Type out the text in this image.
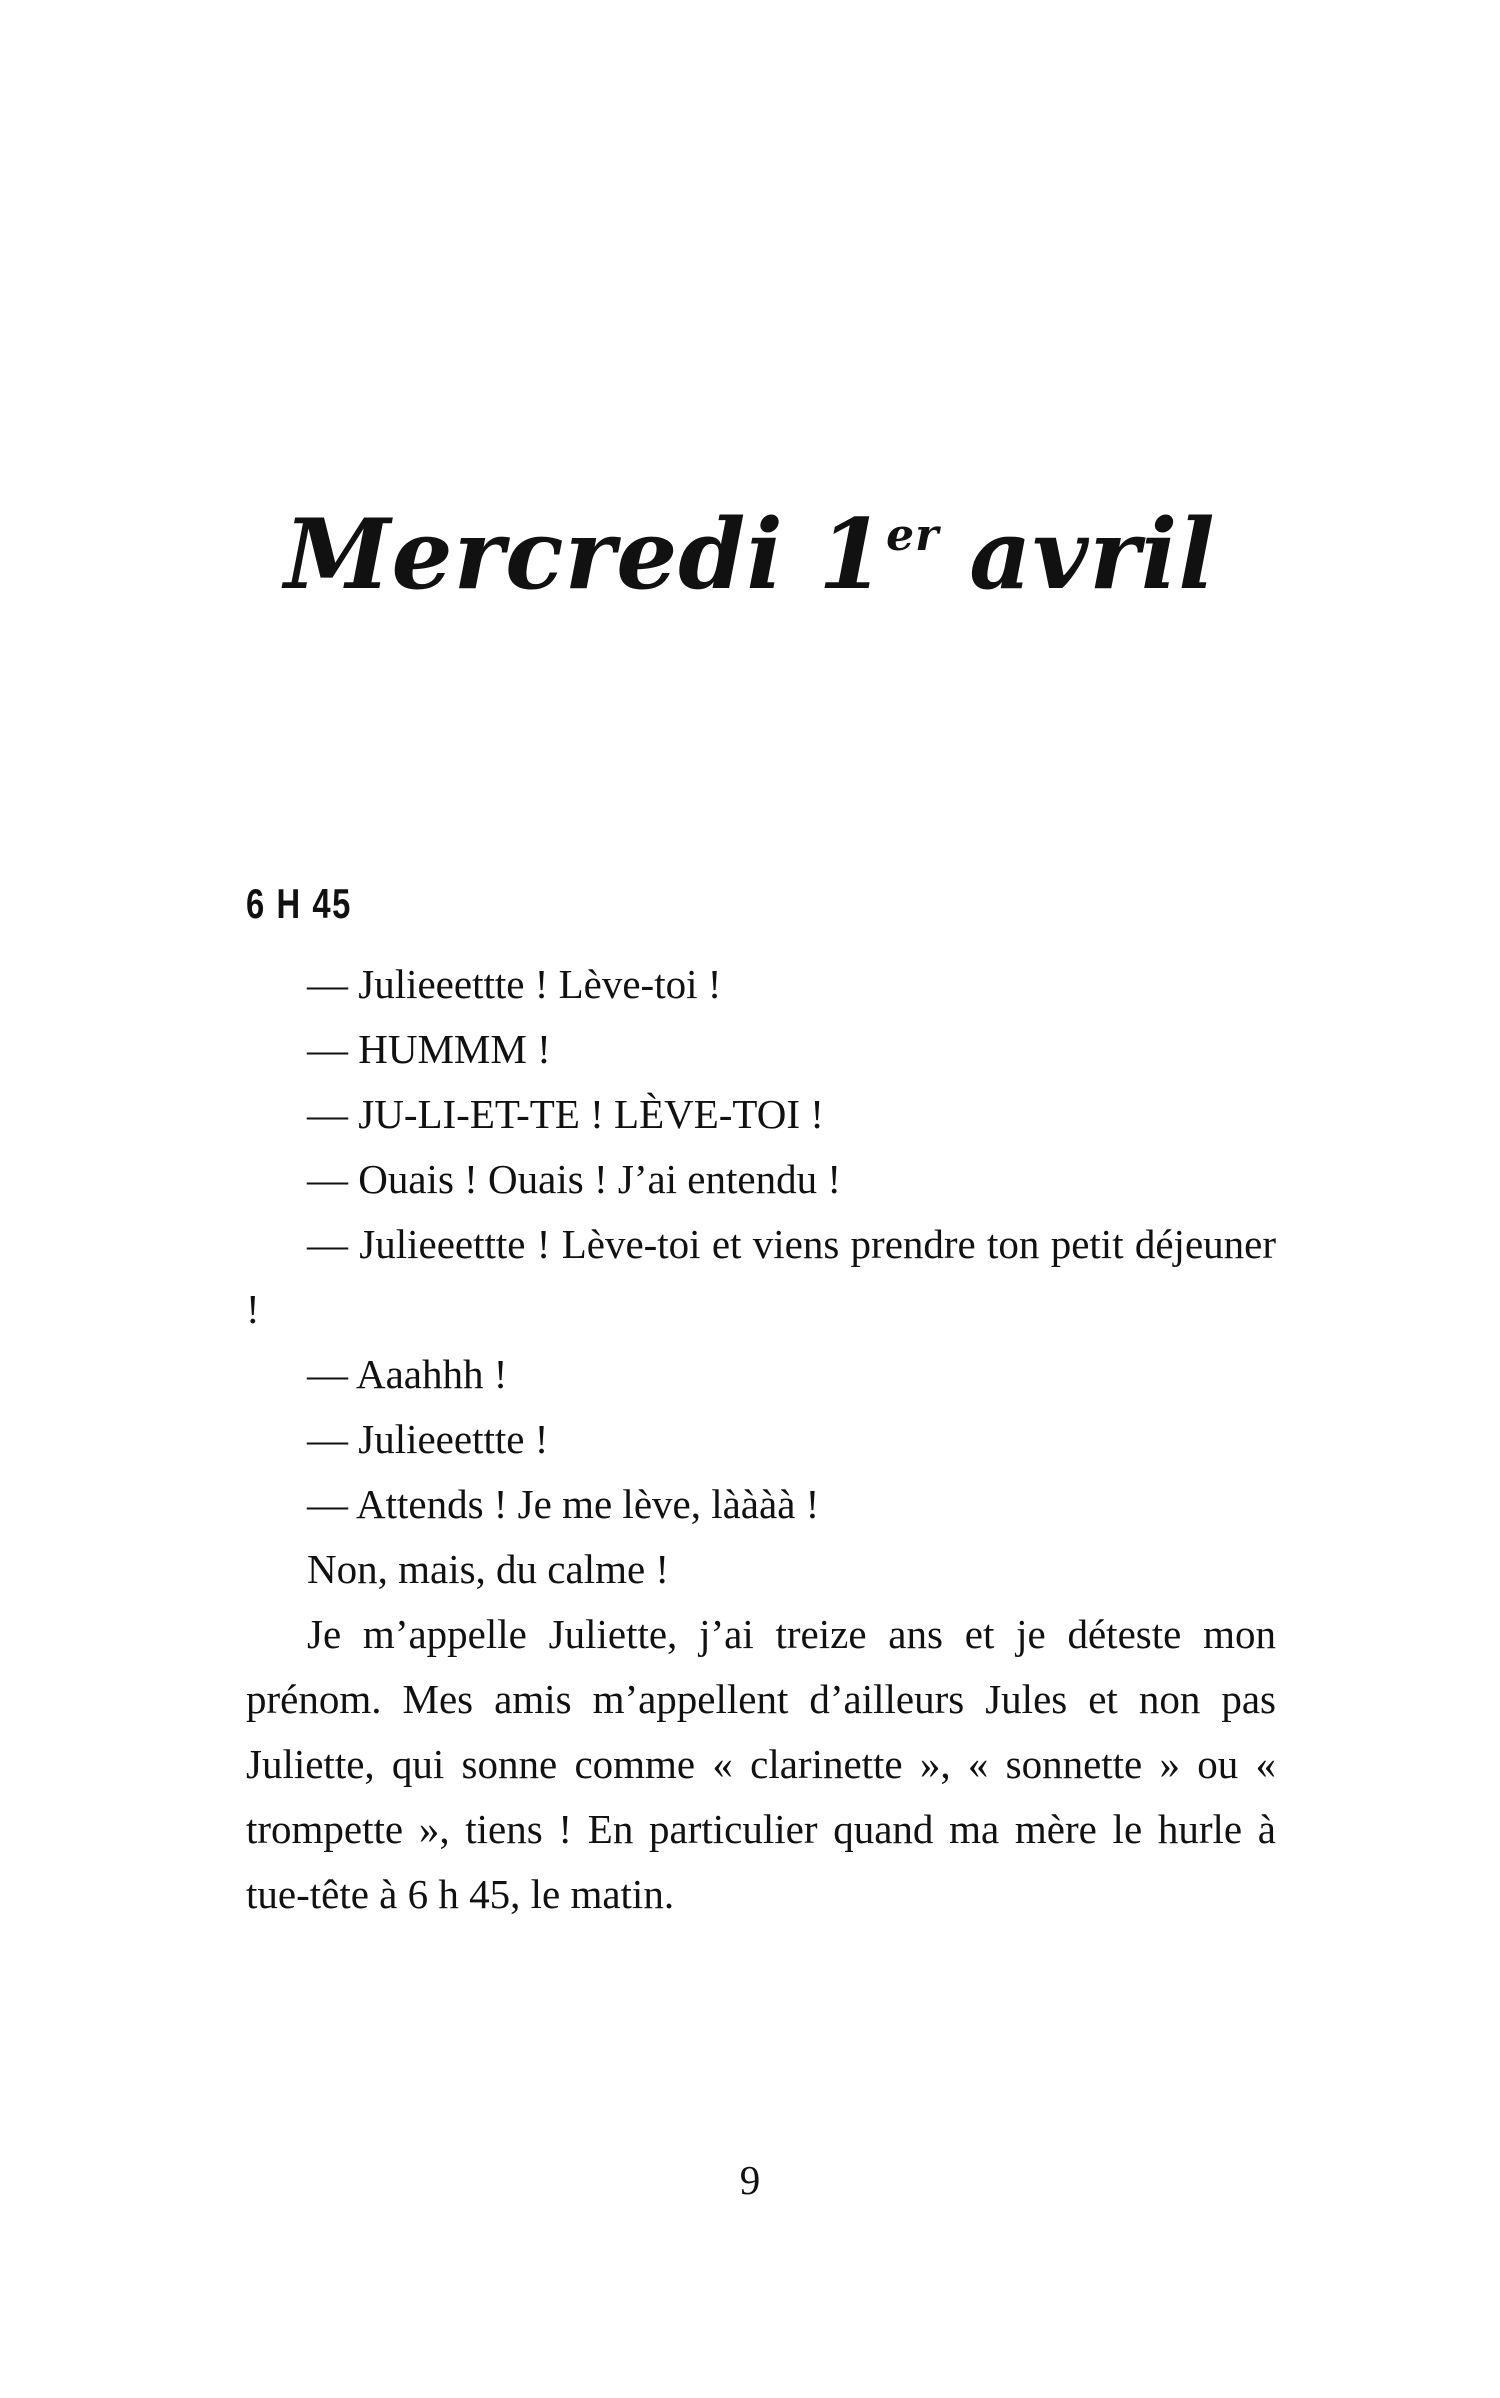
Mercredi 1er avril
6 H 45

— Julieeettte ! Lève-toi !

— HUMMM !

— JU-LI-ET-TE ! LÈVE-TOI !

— Ouais ! Ouais ! J’ai entendu !

— Julieeettte ! Lève-toi et viens prendre ton petit déjeuner !

— Aaahhh !

— Julieeettte !

— Attends ! Je me lève, làààà !

Non, mais, du calme !

Je m’appelle Juliette, j’ai treize ans et je déteste mon prénom. Mes amis m’appellent d’ailleurs Jules et non pas Juliette, qui sonne comme « clarinette », « sonnette » ou « trompette », tiens ! En particulier quand ma mère le hurle à tue-tête à 6 h 45, le matin.

9
